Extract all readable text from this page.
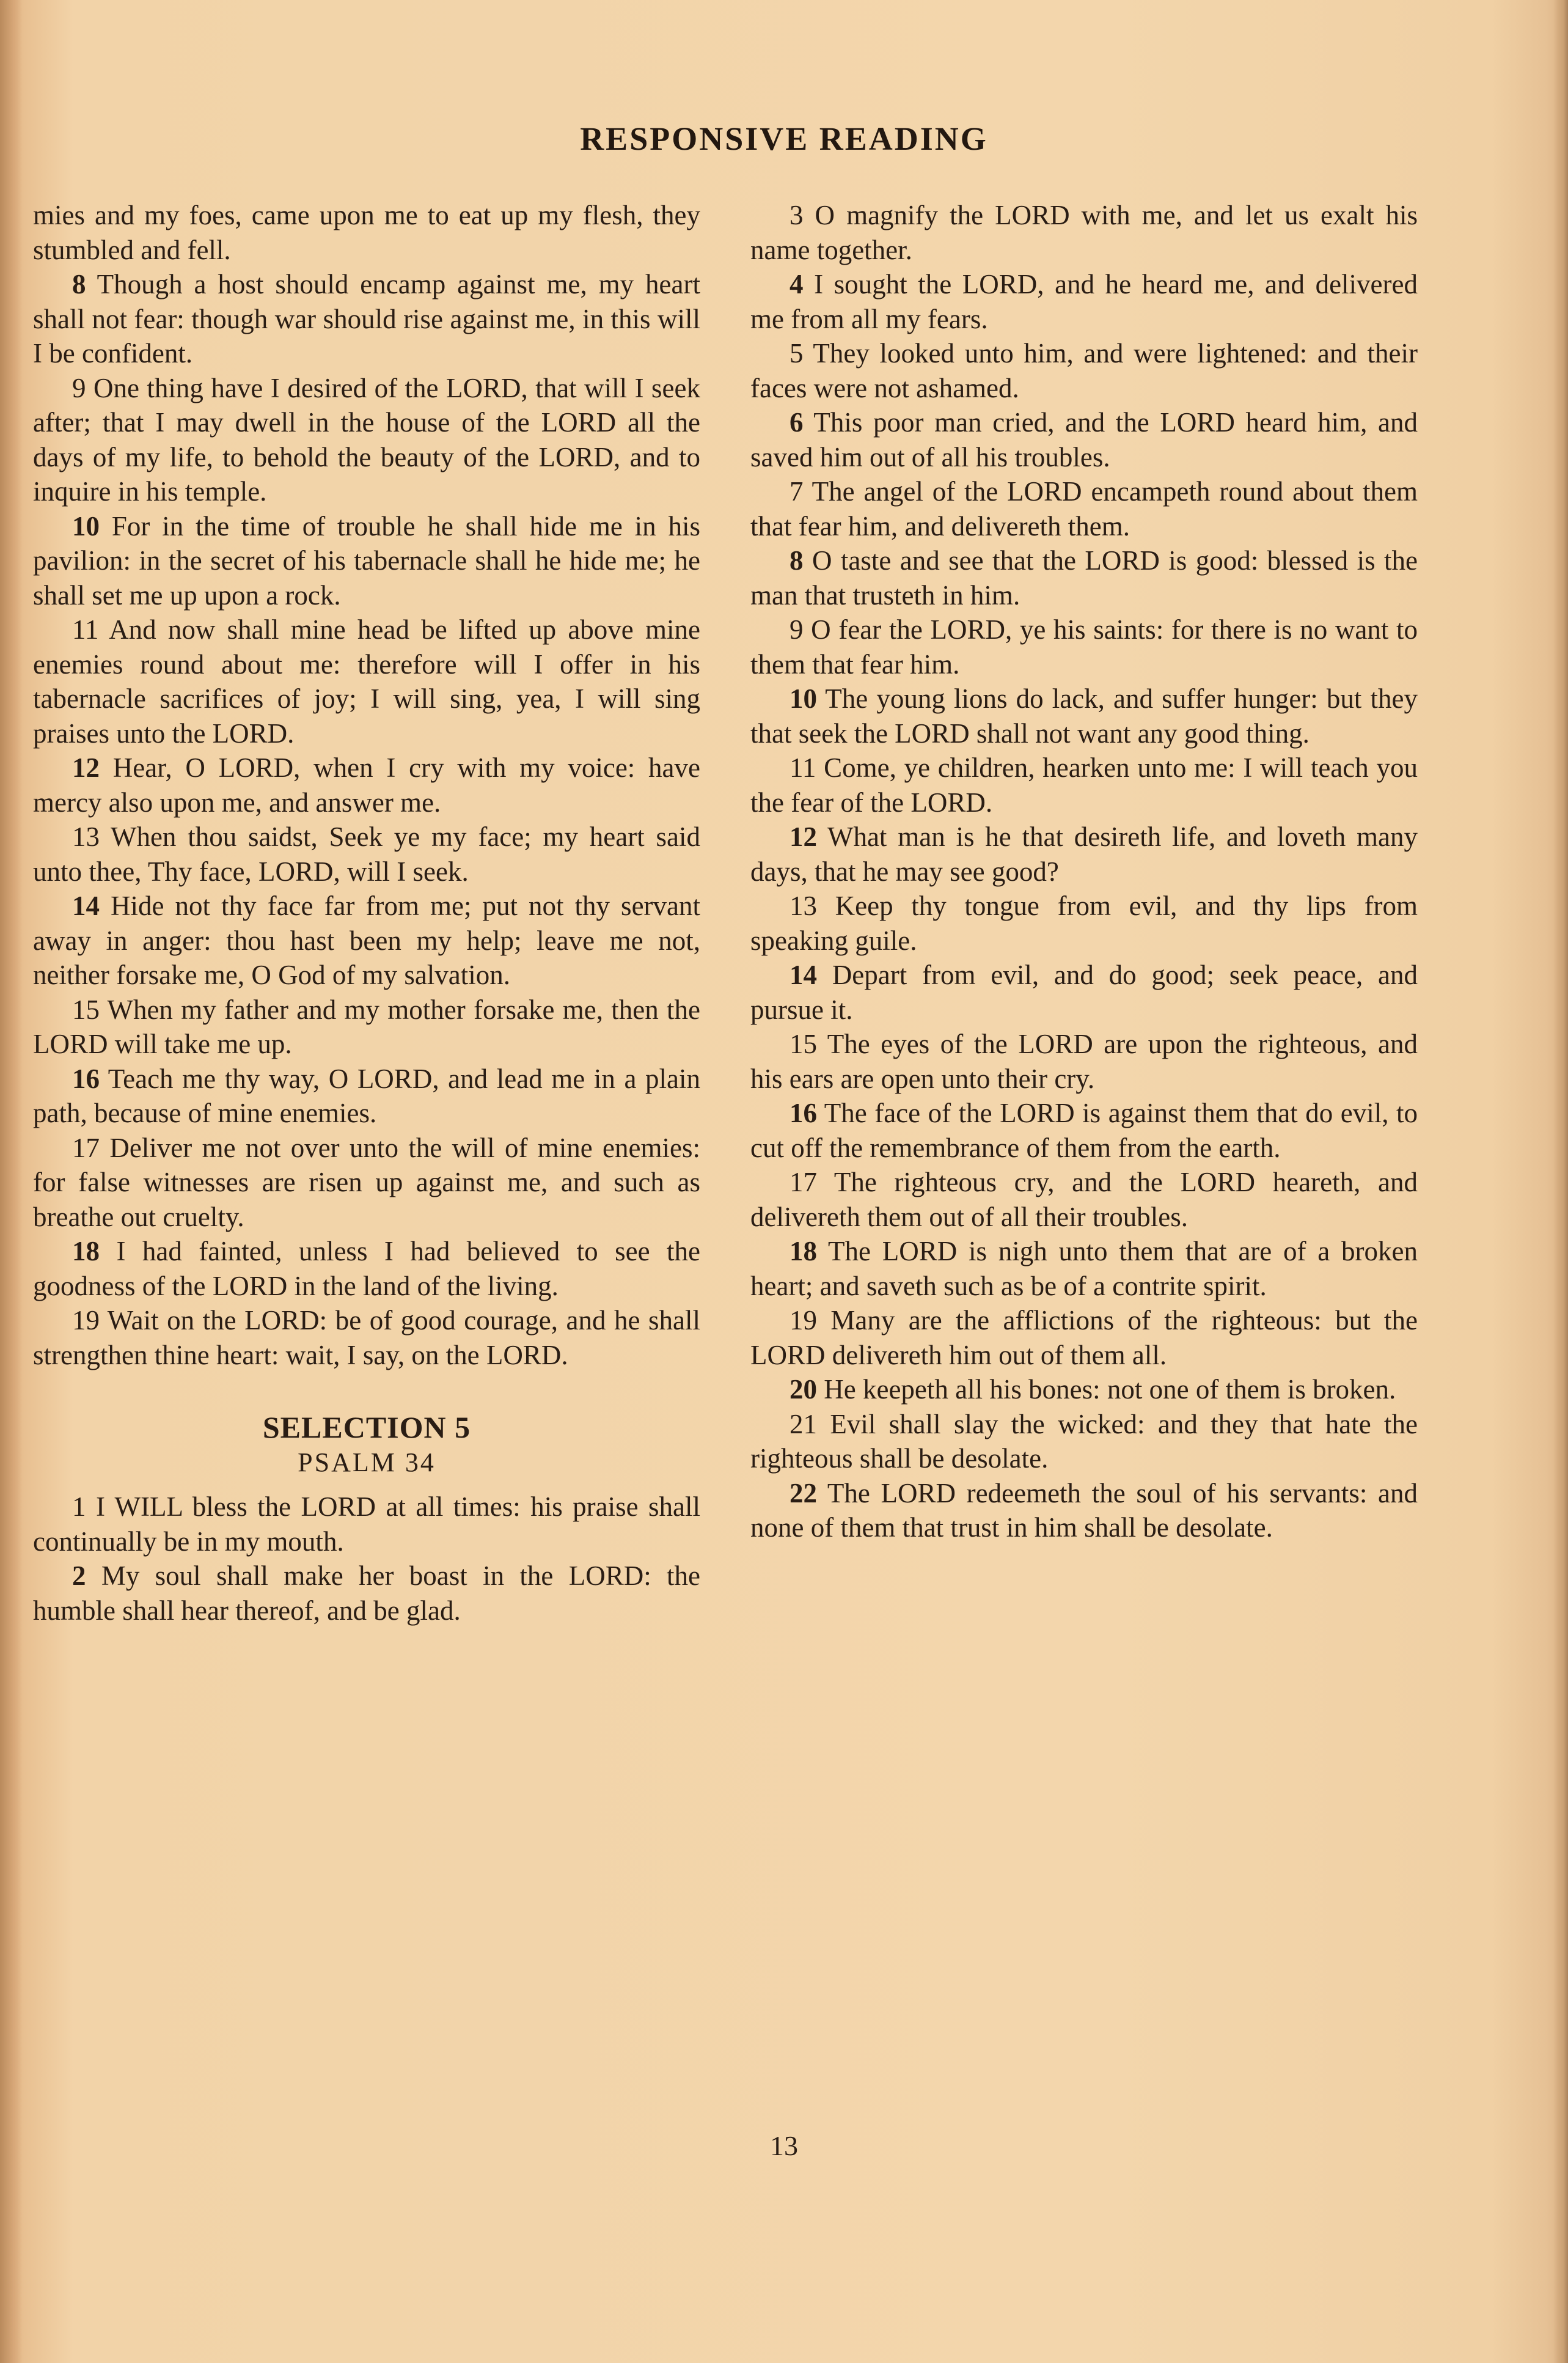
RESPONSIVE READING

mies and my foes, came upon me to eat up my flesh, they stumbled and fell.

8 Though a host should encamp against me, my heart shall not fear: though war should rise against me, in this will I be confident.

9 One thing have I desired of the LORD, that will I seek after; that I may dwell in the house of the LORD all the days of my life, to behold the beauty of the LORD, and to inquire in his temple.

10 For in the time of trouble he shall hide me in his pavilion: in the secret of his tabernacle shall he hide me; he shall set me up upon a rock.

11 And now shall mine head be lifted up above mine enemies round about me: therefore will I offer in his tabernacle sacrifices of joy; I will sing, yea, I will sing praises unto the LORD.

12 Hear, O LORD, when I cry with my voice: have mercy also upon me, and answer me.

13 When thou saidst, Seek ye my face; my heart said unto thee, Thy face, LORD, will I seek.

14 Hide not thy face far from me; put not thy servant away in anger: thou hast been my help; leave me not, neither forsake me, O God of my salvation.

15 When my father and my mother forsake me, then the LORD will take me up.

16 Teach me thy way, O LORD, and lead me in a plain path, because of mine enemies.

17 Deliver me not over unto the will of mine enemies: for false witnesses are risen up against me, and such as breathe out cruelty.

18 I had fainted, unless I had believed to see the goodness of the LORD in the land of the living.

19 Wait on the LORD: be of good courage, and he shall strengthen thine heart: wait, I say, on the LORD.

SELECTION 5
PSALM 34

1 I WILL bless the LORD at all times: his praise shall continually be in my mouth.

2 My soul shall make her boast in the LORD: the humble shall hear thereof, and be glad.

3 O magnify the LORD with me, and let us exalt his name together.

4 I sought the LORD, and he heard me, and delivered me from all my fears.

5 They looked unto him, and were lightened: and their faces were not ashamed.

6 This poor man cried, and the LORD heard him, and saved him out of all his troubles.

7 The angel of the LORD encampeth round about them that fear him, and delivereth them.

8 O taste and see that the LORD is good: blessed is the man that trusteth in him.

9 O fear the LORD, ye his saints: for there is no want to them that fear him.

10 The young lions do lack, and suffer hunger: but they that seek the LORD shall not want any good thing.

11 Come, ye children, hearken unto me: I will teach you the fear of the LORD.

12 What man is he that desireth life, and loveth many days, that he may see good?

13 Keep thy tongue from evil, and thy lips from speaking guile.

14 Depart from evil, and do good; seek peace, and pursue it.

15 The eyes of the LORD are upon the righteous, and his ears are open unto their cry.

16 The face of the LORD is against them that do evil, to cut off the remembrance of them from the earth.

17 The righteous cry, and the LORD heareth, and delivereth them out of all their troubles.

18 The LORD is nigh unto them that are of a broken heart; and saveth such as be of a contrite spirit.

19 Many are the afflictions of the righteous: but the LORD delivereth him out of them all.

20 He keepeth all his bones: not one of them is broken.

21 Evil shall slay the wicked: and they that hate the righteous shall be desolate.

22 The LORD redeemeth the soul of his servants: and none of them that trust in him shall be desolate.

13
